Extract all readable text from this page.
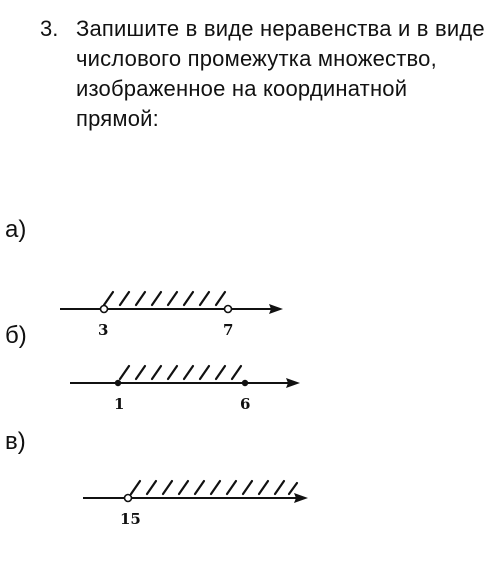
3. Запишите в виде неравенства и в виде числового промежутка множество, изображенное на координатной прямой:
а)
б)
в)
3	7
1	6
15
